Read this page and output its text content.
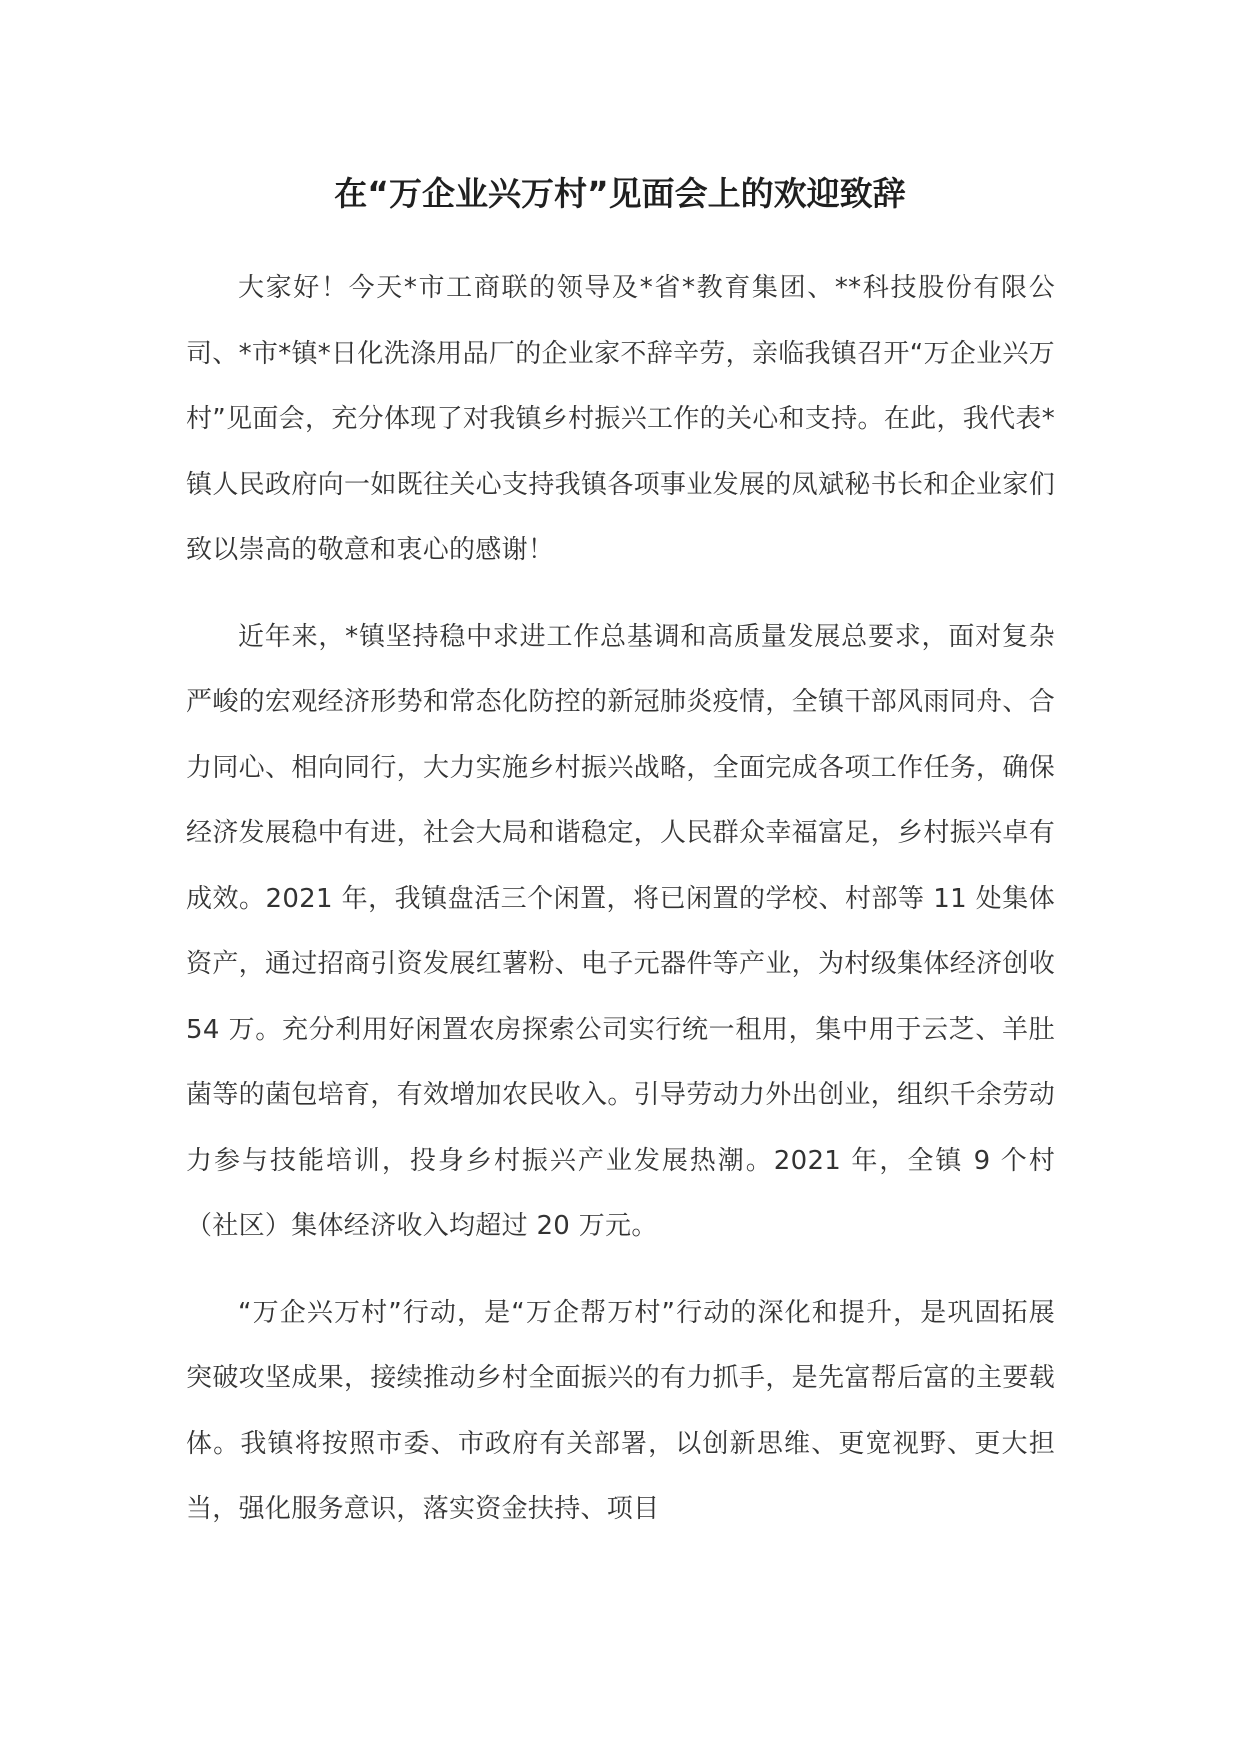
在“万企业兴万村”见面会上的欢迎致辞

大家好！今天*市工商联的领导及*省*教育集团、**科技股份有限公司、*市*镇*日化洗涤用品厂的企业家不辞辛劳，亲临我镇召开“万企业兴万村”见面会，充分体现了对我镇乡村振兴工作的关心和支持。在此，我代表*镇人民政府向一如既往关心支持我镇各项事业发展的凤斌秘书长和企业家们致以崇高的敬意和衷心的感谢！

近年来，*镇坚持稳中求进工作总基调和高质量发展总要求，面对复杂严峻的宏观经济形势和常态化防控的新冠肺炎疫情，全镇干部风雨同舟、合力同心、相向同行，大力实施乡村振兴战略，全面完成各项工作任务，确保经济发展稳中有进，社会大局和谐稳定，人民群众幸福富足，乡村振兴卓有成效。2021 年，我镇盘活三个闲置，将已闲置的学校、村部等 11 处集体资产，通过招商引资发展红薯粉、电子元器件等产业，为村级集体经济创收 54 万。充分利用好闲置农房探索公司实行统一租用，集中用于云芝、羊肚菌等的菌包培育，有效增加农民收入。引导劳动力外出创业，组织千余劳动力参与技能培训，投身乡村振兴产业发展热潮。2021 年，全镇 9 个村（社区）集体经济收入均超过 20 万元。

“万企兴万村”行动，是“万企帮万村”行动的深化和提升，是巩固拓展突破攻坚成果，接续推动乡村全面振兴的有力抓手，是先富帮后富的主要载体。我镇将按照市委、市政府有关部署，以创新思维、更宽视野、更大担当，强化服务意识，落实资金扶持、项目
